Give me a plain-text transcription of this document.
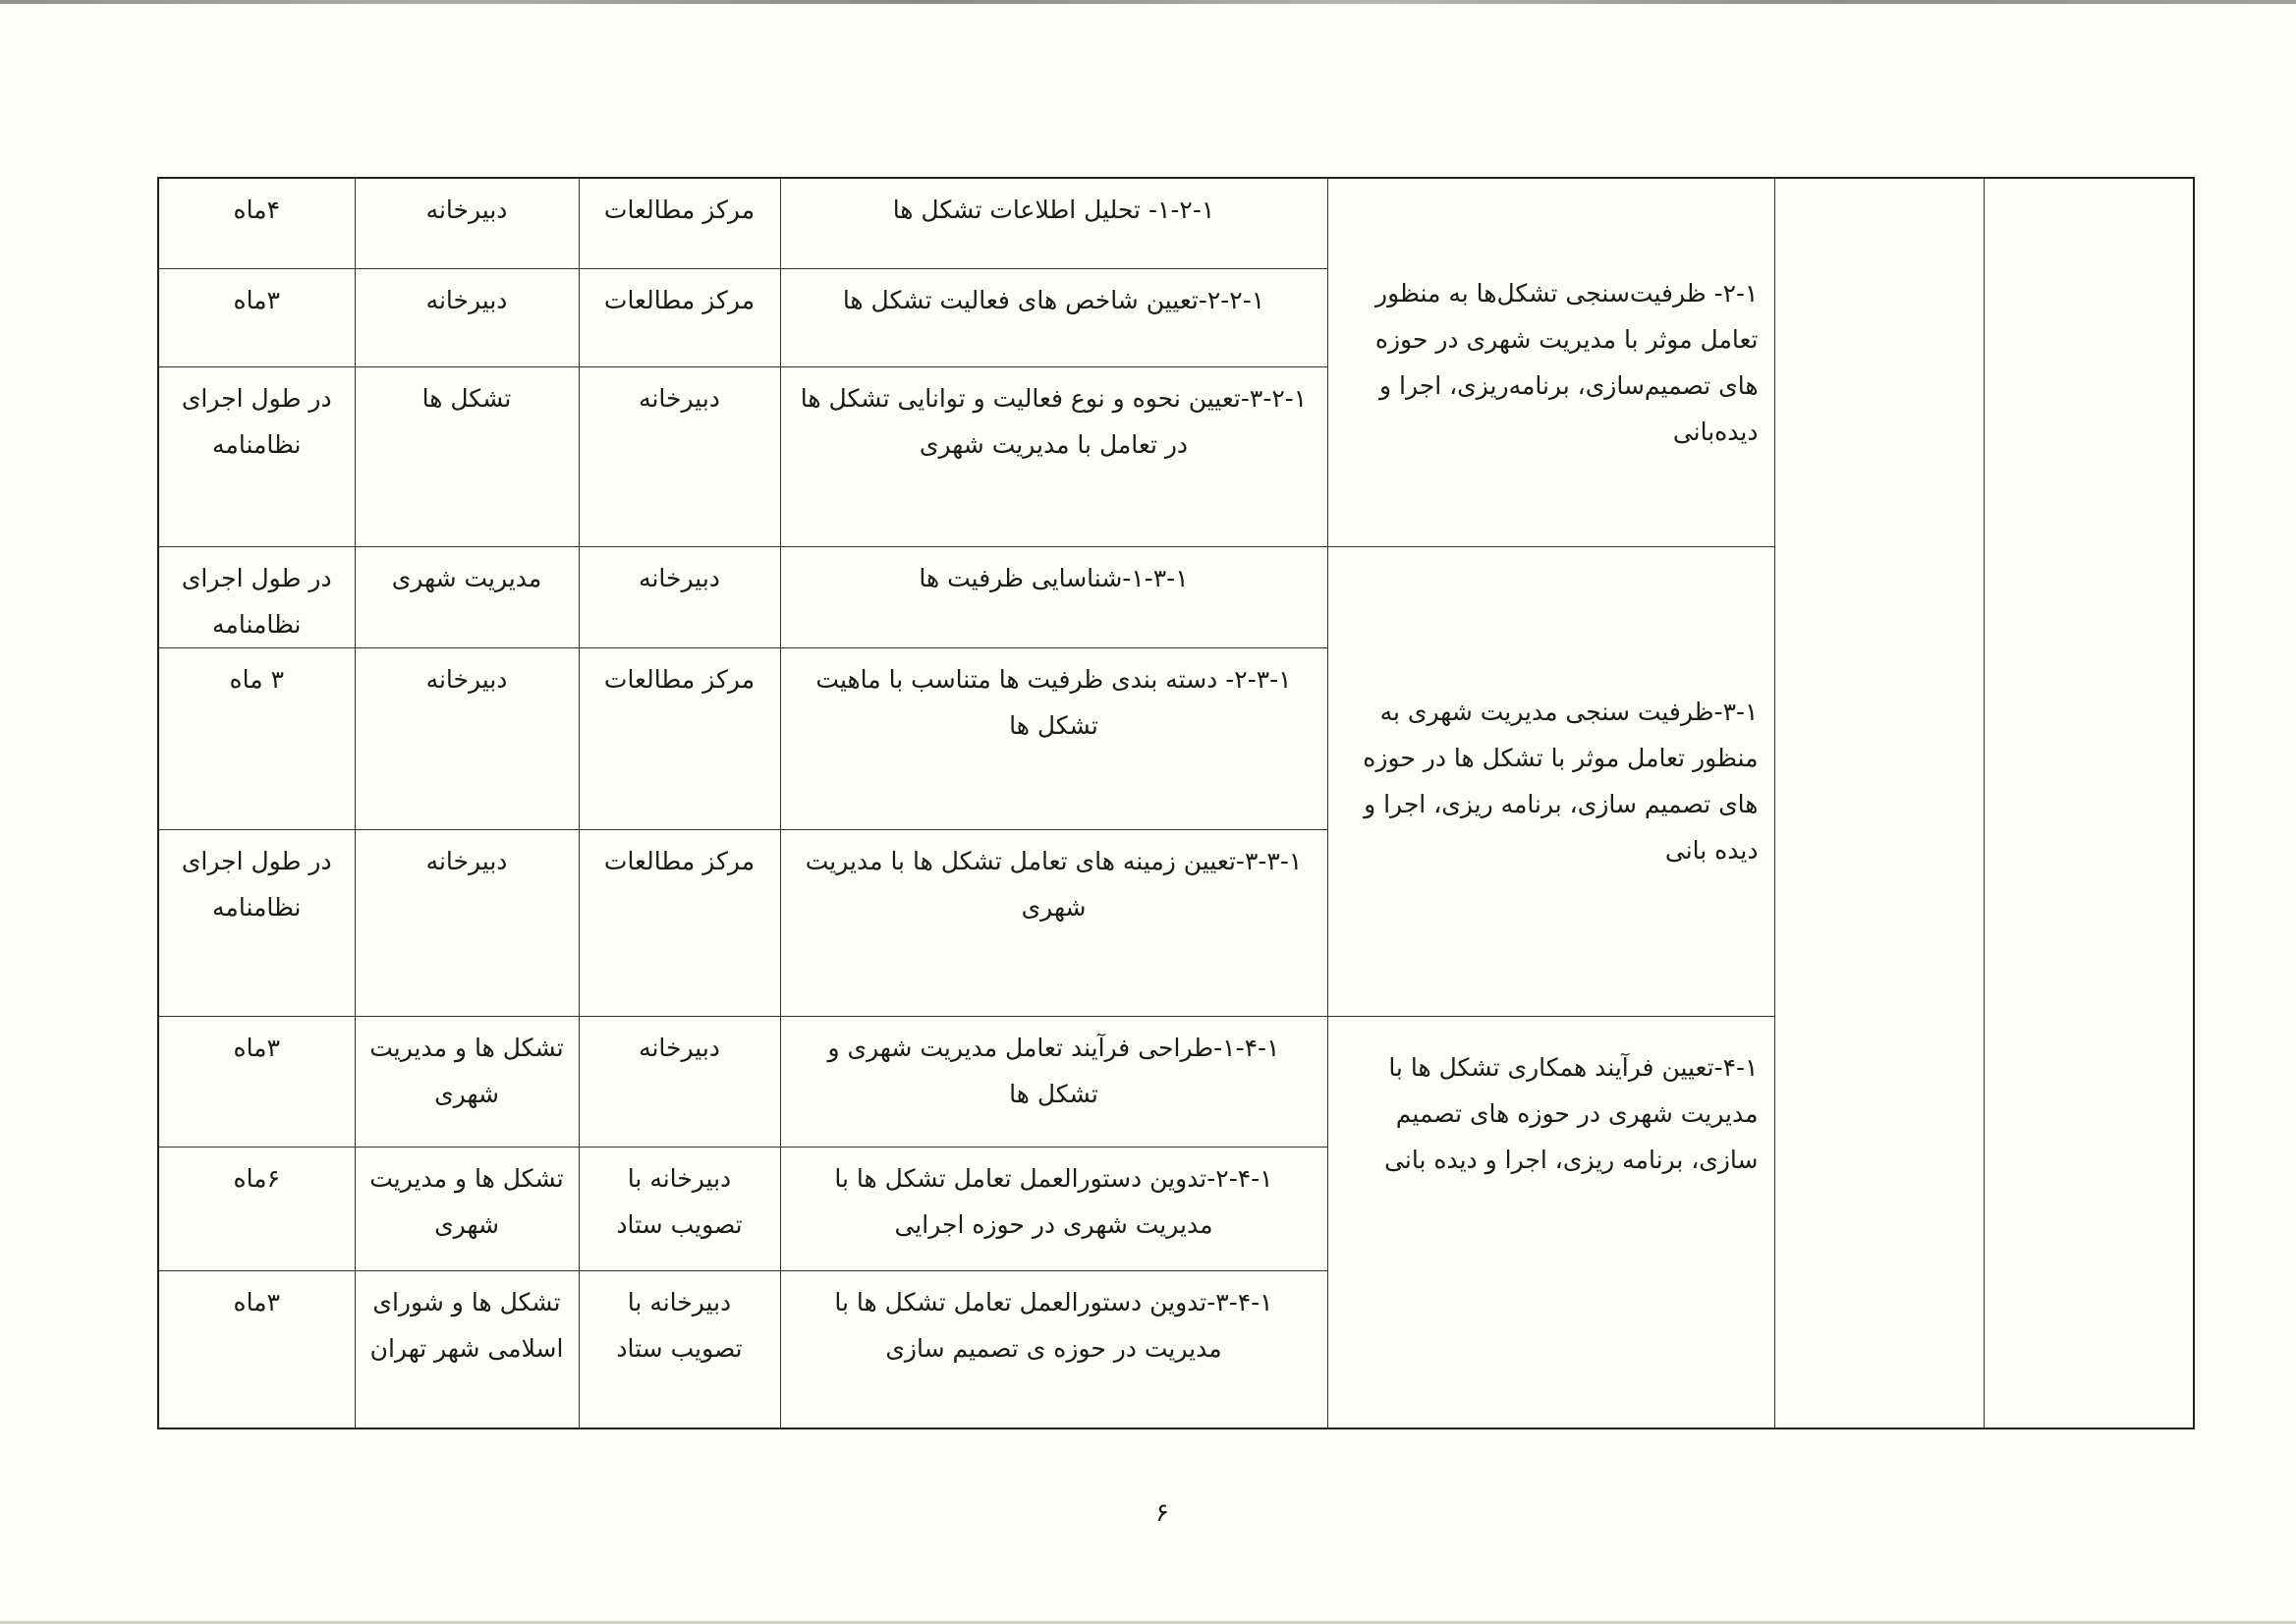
۴ماه	دبیرخانه	مرکز مطالعات	۱-۲-۱- تحلیل اطلاعات تشکل ها	۲-۱- ظرفیت‌سنجی تشکل‌ها به منظور تعامل موثر با مدیریت شهری در حوزه های تصمیم‌سازی، برنامه‌ریزی، اجرا و دیده‌بانی		
۳ماه	دبیرخانه	مرکز مطالعات	۲-۲-۱-تعیین شاخص های فعالیت تشکل ها			
در طول اجرای نظامنامه	تشکل ها	دبیرخانه	۳-۲-۱-تعیین نحوه و نوع فعالیت و توانایی تشکل ها در تعامل با مدیریت شهری			
در طول اجرای نظامنامه	مدیریت شهری	دبیرخانه	۱-۳-۱-شناسایی ظرفیت ها	۳-۱-ظرفیت سنجی مدیریت شهری به منظور تعامل موثر با تشکل ها در حوزه های تصمیم سازی، برنامه ریزی، اجرا و دیده بانی		
۳ ماه	دبیرخانه	مرکز مطالعات	۲-۳-۱- دسته بندی ظرفیت ها متناسب با ماهیت تشکل ها			
در طول اجرای نظامنامه	دبیرخانه	مرکز مطالعات	۳-۳-۱-تعیین زمینه های تعامل تشکل ها با مدیریت شهری			
۳ماه	تشکل ها و مدیریت شهری	دبیرخانه	۱-۴-۱-طراحی فرآیند تعامل مدیریت شهری و تشکل ها	۴-۱-تعیین فرآیند همکاری تشکل ها با مدیریت شهری در حوزه های تصمیم سازی، برنامه ریزی، اجرا و دیده بانی		
۶ماه	تشکل ها و مدیریت شهری	دبیرخانه با تصویب ستاد	۲-۴-۱-تدوین دستورالعمل تعامل تشکل ها با مدیریت شهری در حوزه اجرایی			
۳ماه	تشکل ها و شورای اسلامی شهر تهران	دبیرخانه با تصویب ستاد	۳-۴-۱-تدوین دستورالعمل تعامل تشکل ها با مدیریت در حوزه ی تصمیم سازی			
۶
